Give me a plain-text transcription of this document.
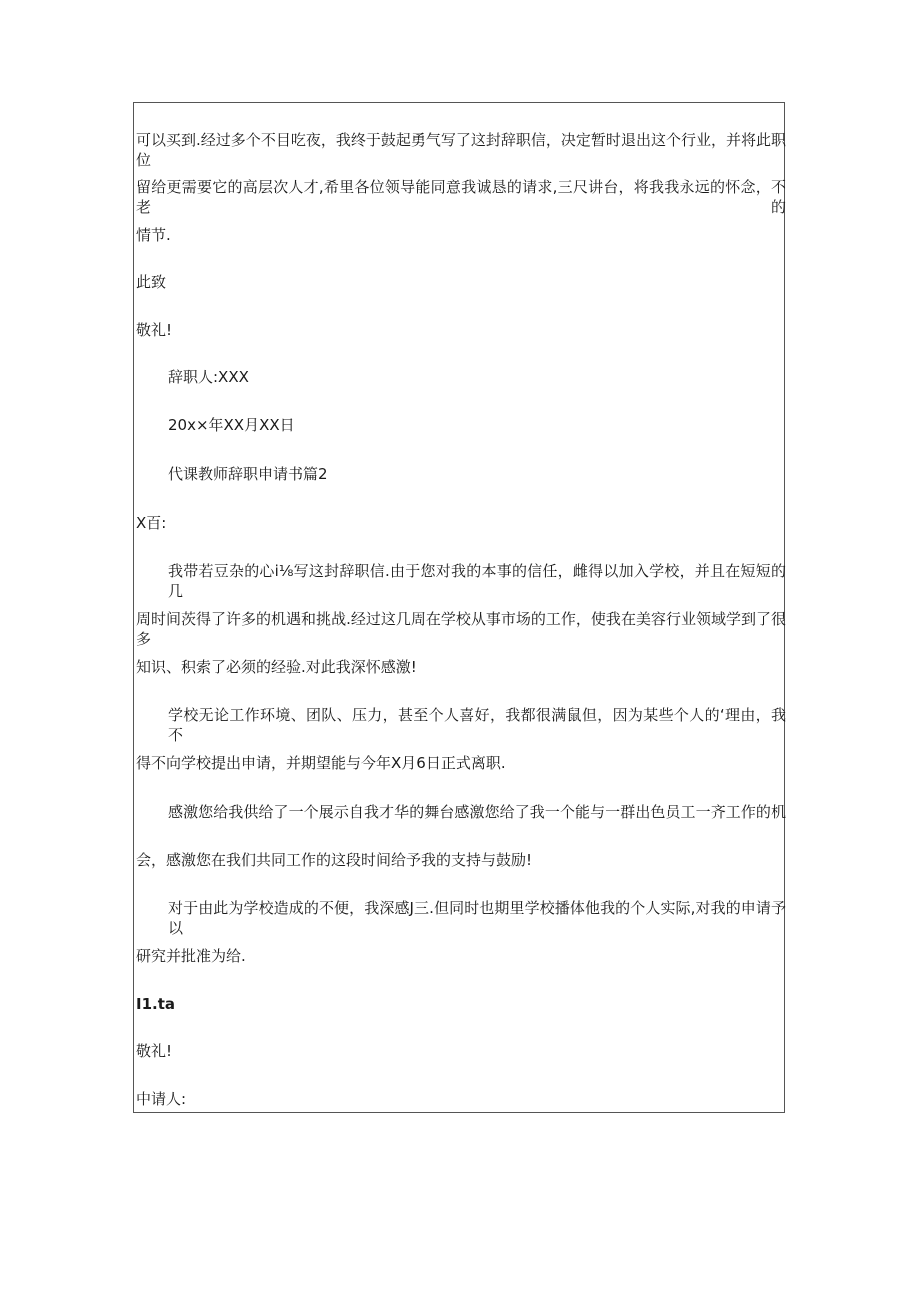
可以买到.经过多个不目吃夜，我终于鼓起勇气写了这封辞职信，决定暂时退出这个行业，并将此职位
留给更需要它的高层次人才,希里各位领导能同意我诚恳的请求,三尺讲台，将我我永远的怀念，不老的
情节.
此致
敬礼!
辞职人:XXX
20x×年XX月XX日
代课教师辞职申请书篇2
X百:
我带若豆杂的心i⅛写这封辞职信.由于您对我的本事的信任，雌得以加入学校，并且在短短的几
周时间茨得了许多的机遇和挑战.经过这几周在学校从事市场的工作，使我在美容行业领域学到了很多
知识、积索了必须的经验.对此我深怀感激!
学校无论工作环境、团队、压力，甚至个人喜好，我都很满鼠但，因为某些个人的‘理由，我不
得不向学校提出申请，并期望能与今年X月6日正式离职.
感激您给我供给了一个展示自我才华的舞台感激您给了我一个能与一群出色员工一齐工作的机
会，感激您在我们共同工作的这段时间给予我的支持与鼓励!
对于由此为学校造成的不便，我深感J三.但同时也期里学校播体他我的个人实际,对我的申请予以
研究并批准为给.
I1.ta
敬礼!
中请人:
